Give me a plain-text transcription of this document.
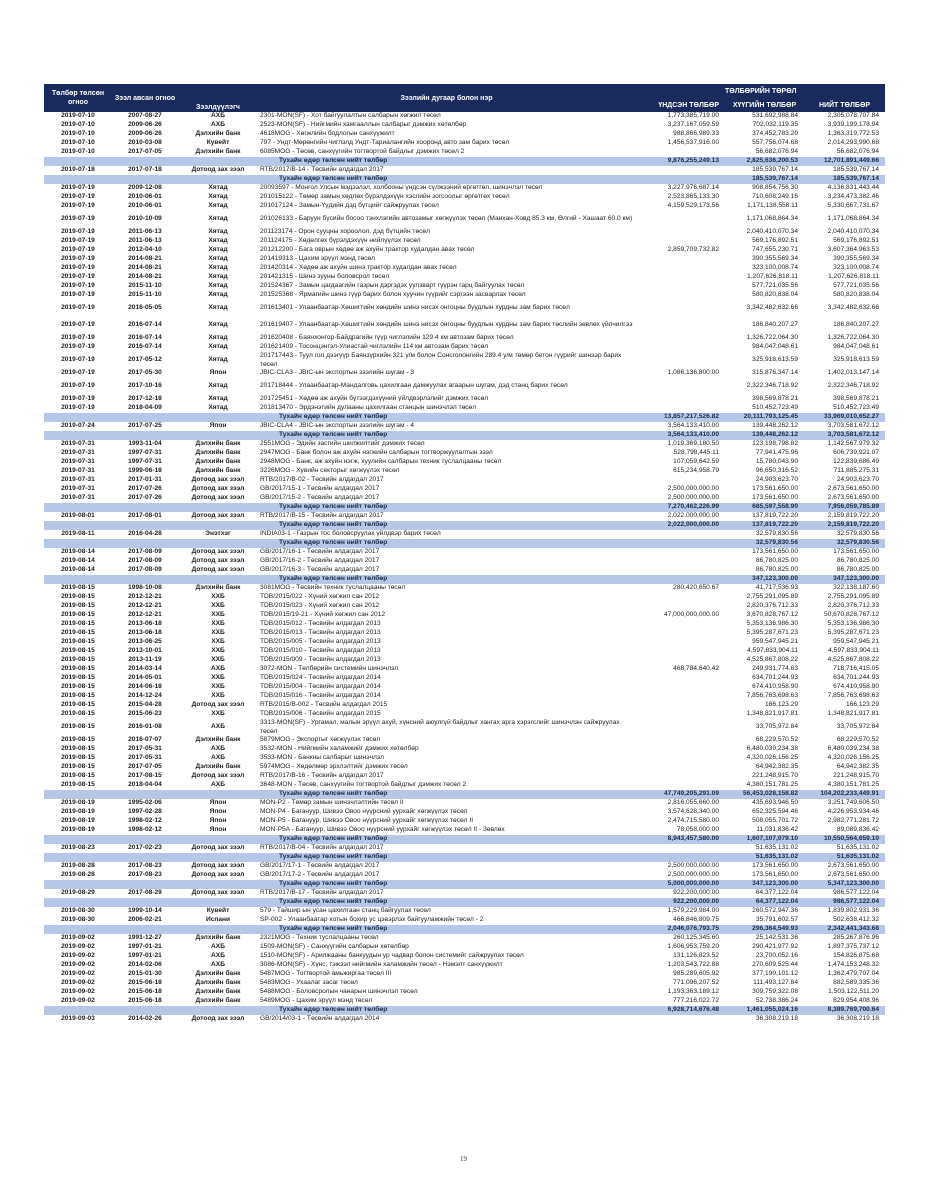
Төлбөр төлсөн огноо	Зээл авсан огноо	Зээлдүүлэгч	Зээлийн дугаар болон нэр		ТӨЛБӨРИЙН ТӨРӨЛ	
				ҮНДСЭН ТӨЛБӨР	ХҮҮГИЙН ТӨЛБӨР	НИЙТ ТӨЛБӨР
2019-07-10	2007-08-27	АХБ	2301-MON(SF) - Хот байгуулалтын салбарын хөгжил төсөл	1,773,385,719.00	531,692,988.84	2,305,078,707.84
2019-07-10	2009-06-26	АХБ	2523-MON(SF) - Нийгмийн хамгааллын салбарыг дэмжих хөтөлбөр	3,237,167,059.59	702,032,119.35	3,939,199,178.94
2019-07-10	2009-06-26	Дэлхийн банк	4618MOG - Хөгжлийн бодлогын санхүүжилт	988,866,989.33	374,452,783.20	1,363,319,772.53
2019-07-10	2010-03-08	Кувейт	797 - Ундт-Мөрөнгийн чиглэлд Ундт-Тариалангийн хооронд авто зам барих төсөл	1,456,537,916.00	557,756,074.68	2,014,293,990.68
2019-07-10	2017-07-05	Дэлхийн банк	6085MOG - Төсөв, санхүүгийн тогтвортой байдлыг дэмжих төсөл 2		56,682,076.94	56,682,076.94
Тухайн өдөр төлсөн нийт төлбөр				9,876,255,249.13	2,825,636,200.53	12,701,891,449.66
2019-07-18	2017-07-18	Дотоод зах зээл	RTB/2017/B-14 - Төсвийн алдагдал 2017		185,539,767.14	185,539,767.14
Тухайн өдөр төлсөн нийт төлбөр					185,539,767.14	185,539,767.14
2019-07-19	2009-12-08	Хятад	20093597 - Монгол Улсын мэдээлэл, холбооны үндсэн сүлжээний өргөтгөл, шинэчлэл төсөл	3,227,976,687.14	908,854,756.30	4,136,831,443.44
2019-07-19	2010-06-01	Хятад	201015122 - Төмөр замын хөдлөх бүрэлдэхүүн хэслийн зогсоолыг өргөтгөх төсөл	2,523,865,133.30	710,608,249.16	3,234,473,382.46
2019-07-19	2010-06-01	Хятад	201017124 - Замын-Үүдийн дэд бүтцийг сайжруулах төсөл	4,159,529,173.56	1,171,138,558.11	5,330,667,731.67
2019-07-19	2010-10-09	Хятад	201026133 - Баруун бүсийн босоо тэнхлэгийн автозамыг хөгжүүлэх төсөл (Манхан-Ховд 85.3 км, Өлгий - Хашаат 60.0 км)		1,171,068,864.34	1,171,068,864.34
2019-07-19	2011-06-13	Хятад	201123174 - Орон сууцны хороолол, дэд бүтцийн төсөл		2,040,410,070.34	2,040,410,070.34
2019-07-19	2011-06-13	Хятад	201124175 - Хөдөлгөх бүрэлдэхүүн нийлүүлэх төсөл		569,176,892.51	569,176,892.51
2019-07-19	2012-04-10	Хятад	201212200 - Бага оврын хөдөө аж ахуйн трактор худалдан авах төсөл	2,859,709,732.82	747,655,230.71	3,607,364,963.53
2019-07-19	2014-08-21	Хятад	201419313 - Цахим эрүүл мэнд төсөл		390,355,569.34	390,355,569.34
2019-07-19	2014-08-21	Хятад	201420314 - Хөдөө аж ахуйн шинэ трактор худалдан авах төсөл		323,100,008.74	323,100,008.74
2019-07-19	2014-08-21	Хятад	201421315 - Шинэ зууны боловсрол төсөл		1,207,626,818.11	1,207,626,818.11
2019-07-19	2015-11-10	Хятад	201524367 - Замын цагдаагийн газрын дэргэдэх уулзварт гүүрэн гарц байгуулах төсөл		577,721,035.56	577,721,035.56
2019-07-19	2015-11-10	Хятад	201525368 - Ярмагийн шинэ гүүр барих болон хуучин гүүрийг сэргээн засварлах төсөл		580,820,838.04	580,820,838.04
2019-07-19	2016-05-05	Хятад	201613401 - Улаанбаатар-Хөшигтийн хөндийн шинэ нисэх онгоцны буудлын хурдны зам барих төсөл		3,342,482,632.66	3,342,482,632.66
2019-07-19	2016-07-14	Хятад	201619407 - Улаанбаатар-Хөшигтийн хөндийн шинэ нисэх онгоцны буудлын хурдны зам барих төслийн зөвлөх үйлчилгээ		186,840,207.27	186,840,207.27
2019-07-19	2016-07-14	Хятад	201620408 - Баянхонгор-Байдрагийн гүүр чиглэлийн 129.4 км автозам барих төсөл		1,326,722,064.30	1,326,722,064.30
2019-07-19	2016-07-14	Хятад	201621409 - Тосонцэнгэл-Улиастай чиглэлийн 114 км автозам барих төсөл		984,047,048.61	984,047,048.61
2019-07-19	2017-05-12	Хятад	201717443 - Туул гол дээгүүр Баянзүрхийн 321 у/м болон Сонсголонгийн 289.4 у/м төмөр бетон гүүрийг шинээр барих төсөл		325,918,613.59	325,918,613.59
2019-07-19	2017-05-30	Япон	JBIC-CLA3 - JBIC-ын экспортын зээлийн шугам - 3	1,086,136,800.00	315,876,347.14	1,402,013,147.14
2019-07-19	2017-10-16	Хятад	201718444 - Улаанбаатар-Мандалговь цахилгаан дамжуулах агаарын шугам, дэд станц барих төсөл		2,322,346,718.92	2,322,346,718.92
2019-07-19	2017-12-18	Хятад	201725451 - Хөдөө аж ахуйн бүтээгдэхүүний үйлдвэрлэлийг дэмжих төсөл		398,569,878.21	398,569,878.21
2019-07-19	2018-04-09	Хятад	201813470 - Эрдэнэтийн дулааны цахилгаан станцын шинэчлэл төсөл		510,452,723.49	510,452,723.49
Тухайн өдөр төлсөн нийт төлбөр				13,857,217,526.82	20,111,793,125.45	33,969,010,652.27
2019-07-24	2017-07-25	Япон	JBIC-CLA4 - JBIC-ын экспортын зээлийн шугам - 4	3,564,133,410.00	139,448,262.12	3,703,581,672.12
Тухайн өдөр төлсөн нийт төлбөр				3,564,133,410.00	139,448,262.12	3,703,581,672.12
2019-07-31	1993-11-04	Дэлхийн банк	2551MOG - Эдийн засгийн шилжилтийг дэмжих төсөл	1,019,369,180.50	123,198,798.82	1,142,567,979.32
2019-07-31	1997-07-31	Дэлхийн банк	2947MOG - Банк болон аж ахуйн нэгжийн салбарын тогтворжуулалтын зээл	528,798,445.11	77,941,475.96	606,739,921.07
2019-07-31	1997-07-31	Дэлхийн банк	2948MOG - Банк, аж ахуйн нэгж, хуулийн салбарын техник туслалцааны төсөл	107,059,642.59	15,780,043.90	122,839,686.49
2019-07-31	1999-06-18	Дэлхийн банк	3226MOG - Хувийн секторыг хөгжүүлэх төсөл	615,234,958.79	96,650,316.52	711,885,275.31
2019-07-31	2017-01-31	Дотоод зах зээл	RTB/2017/B-02 - Төсвийн алдагдал 2017		24,903,623.70	24,903,623.70
2019-07-31	2017-07-26	Дотоод зах зээл	GB/2017/15-1 - Төсвийн алдагдал 2017	2,500,000,000.00	173,561,650.00	2,673,561,650.00
2019-07-31	2017-07-26	Дотоод зах зээл	GB/2017/15-2 - Төсвийн алдагдал 2017	2,500,000,000.00	173,561,650.00	2,673,561,650.00
Тухайн өдөр төлсөн нийт төлбөр				7,270,462,226.99	685,597,558.90	7,956,059,785.89
2019-08-01	2017-08-01	Дотоод зах зээл	RTB/2017/B-15 - Төсвийн алдагдал 2017	2,022,000,000.00	137,819,722.20	2,159,819,722.20
Тухайн өдөр төлсөн нийт төлбөр				2,022,000,000.00	137,819,722.20	2,159,819,722.20
2019-08-11	2016-04-28	Энэтхэг	INDIA03-1 - Газрын тос боловсруулах үйлдвэр барих төсөл		32,579,830.56	32,579,830.56
Тухайн өдөр төлсөн нийт төлбөр					32,579,830.56	32,579,830.56
2019-08-14	2017-08-09	Дотоод зах зээл	GB/2017/16-1 - Төсвийн алдагдал 2017		173,561,650.00	173,561,650.00
2019-08-14	2017-08-09	Дотоод зах зээл	GB/2017/16-2 - Төсвийн алдагдал 2017		86,780,825.00	86,780,825.00
2019-08-14	2017-08-09	Дотоод зах зээл	GB/2017/16-3 - Төсвийн алдагдал 2017		86,780,825.00	86,780,825.00
Тухайн өдөр төлсөн нийт төлбөр					347,123,300.00	347,123,300.00
2019-08-15	1998-10-08	Дэлхийн банк	3081MOG - Төсвийн техник туслалцааны төсөл	280,420,650.67	41,717,536.93	322,138,187.60
2019-08-15	2012-12-21	ХХБ	TDB/2015/022 - Хүний хөгжил сан 2012		2,755,291,095.89	2,755,291,095.89
2019-08-15	2012-12-21	ХХБ	TDB/2015/023 - Хүний хөгжил сан 2012		2,820,376,712.33	2,820,376,712.33
2019-08-15	2012-12-21	ХХБ	TDB/2015/19-21 - Хүний хөгжил сан 2012	47,000,000,000.00	3,670,828,767.12	50,670,828,767.12
2019-08-15	2013-06-18	ХХБ	TDB/2015/012 - Төсвийн алдагдал 2013		5,353,136,986.30	5,353,136,986.30
2019-08-15	2013-06-18	ХХБ	TDB/2015/013 - Төсвийн алдагдал 2013		5,395,287,671.23	5,395,287,671.23
2019-08-15	2013-06-25	ХХБ	TDB/2015/005 - Төсвийн алдагдал 2013		959,547,945.21	959,547,945.21
2019-08-15	2013-10-01	ХХБ	TDB/2015/010 - Төсвийн алдагдал 2013		4,597,833,904.11	4,597,833,904.11
2019-08-15	2013-11-19	ХХБ	TDB/2015/009 - Төсвийн алдагдал 2013		4,525,867,808.22	4,525,867,808.22
2019-08-15	2014-03-14	АХБ	3072-MON - Төлбөрийн системийн шинэчлэл	468,784,640.42	249,931,774.63	718,716,415.05
2019-08-15	2014-05-01	ХХБ	TDB/2015/024 - Төсвийн алдагдал 2014		634,701,244.93	634,701,244.93
2019-08-15	2014-06-18	ХХБ	TDB/2015/004 - Төсвийн алдагдал 2014		674,410,958.90	674,410,958.90
2019-08-15	2014-12-24	ХХБ	TDB/2015/016 - Төсвийн алдагдал 2014		7,856,763,698.63	7,856,763,698.63
2019-08-15	2015-04-28	Дотоод зах зээл	RTB/2015/B-002 - Төсвийн алдагдал 2015		166,123.29	166,123.29
2019-08-15	2015-06-23	ХХБ	TDB/2015/006 - Төсвийн алдагдал 2015		1,348,821,917.81	1,348,821,917.81
2019-08-15	2016-01-08	АХБ	3313-MON(SF) - Ургамал, малын эрүүл ахуй, хүнсний аюулгүй байдлыг хангах арга хэрэгслийг шинэчлэн сайжруулах төсөл		33,705,972.84	33,705,972.84
2019-08-15	2016-07-07	Дэлхийн банк	5879MOG - Экспортыг хөгжүүлэх төсөл		68,229,570.52	68,229,570.52
2019-08-15	2017-05-31	АХБ	3532-MON - Нийгмийн халамжийг дэмжих хөтөлбөр		6,480,039,234.38	6,480,039,234.38
2019-08-15	2017-05-31	АХБ	3533-MON - Банкны салбарыг шинэчлэл		4,320,026,156.25	4,320,026,156.25
2019-08-15	2017-07-05	Дэлхийн банк	5974MOG - Хөдөлмөр эрхлэлтийг дэмжих төсөл		64,942,382.35	64,942,382.35
2019-08-15	2017-08-15	Дотоод зах зээл	RTB/2017/B-16 - Төсвийн алдагдал 2017		221,248,915.70	221,248,915.70
2019-08-15	2018-04-04	АХБ	3648-MON - Төсөв, санхүүгийн тогтвортой байдлыг дэмжих төсөл 2		4,380,151,781.25	4,380,151,781.25
Тухайн өдөр төлсөн нийт төлбөр				47,749,205,291.09	56,453,028,158.82	104,202,233,449.91
2019-08-19	1995-02-06	Япон	MON-P2 - Төмөр замын шинэчлэлтийн төсөл II	2,816,055,660.00	435,693,946.50	3,251,749,606.50
2019-08-19	1997-02-28	Япон	MON-P4 - Багануур, Шивээ Овоо нүүрсний уурхайг хөгжүүлэх төсөл	3,574,628,340.00	652,325,594.46	4,226,953,934.46
2019-08-19	1998-02-12	Япон	MON-P5 - Багануур, Шивээ Овоо нүүрсний уурхайг хөгжүүлэх төсөл II	2,474,715,580.00	508,055,701.72	2,982,771,281.72
2019-08-19	1998-02-12	Япон	MON-P5A - Багануур, Шивээ Овоо нүүрсний уурхайг хөгжүүлэх төсөл II - Зөвлөх	78,058,000.00	11,031,836.42	89,089,836.42
Тухайн өдөр төлсөн нийт төлбөр				8,943,457,580.00	1,607,107,079.10	10,550,564,659.10
2019-08-23	2017-02-23	Дотоод зах зээл	RTB/2017/B-04 - Төсвийн алдагдал 2017		51,635,131.02	51,635,131.02
Тухайн өдөр төлсөн нийт төлбөр					51,635,131.02	51,635,131.02
2019-08-28	2017-08-23	Дотоод зах зээл	GB/2017/17-1 - Төсвийн алдагдал 2017	2,500,000,000.00	173,561,650.00	2,673,561,650.00
2019-08-28	2017-08-23	Дотоод зах зээл	GB/2017/17-2 - Төсвийн алдагдал 2017	2,500,000,000.00	173,561,650.00	2,673,561,650.00
Тухайн өдөр төлсөн нийт төлбөр				5,000,000,000.00	347,123,300.00	5,347,123,300.00
2019-08-29	2017-08-29	Дотоод зах зээл	RTB/2017/B-17 - Төсвийн алдагдал 2017	922,200,000.00	64,377,122.04	986,577,122.04
Тухайн өдөр төлсөн нийт төлбөр				922,200,000.00	64,377,122.04	986,577,122.04
2019-08-30	1999-10-14	Кувейт	579 - Тайшир ын усан цахилгаан станц байгуулах төсөл	1,579,229,984.00	260,572,947.36	1,839,802,931.36
2019-08-30	2006-02-21	Испани	SP-002 - Улаанбаатар хотын бохир ус цэвэрлэх байгууламжийн төсөл - 2	466,846,809.75	35,791,602.57	502,638,412.32
Тухайн өдөр төлсөн нийт төлбөр				2,046,076,793.75	296,364,549.93	2,342,441,343.68
2019-09-02	1991-12-27	Дэлхийн банк	2321MOG - Техник туслалцааны төсөл	260,125,345.60	25,142,531.36	285,267,876.96
2019-09-02	1997-01-21	АХБ	1509-MON(SF) - Санхүүгийн салбарын хөтөлбөр	1,606,953,759.20	290,421,977.92	1,897,375,737.12
2019-09-02	1997-01-21	АХБ	1510-MON(SF) - Арилжааны банкуудын ур чадвар болон системийг сайжруулах төсөл	131,126,823.52	23,700,052.16	154,826,875.68
2019-09-02	2014-02-06	АХБ	3086-MON(SF) - Хүнс, тэжээл нийгмийн халамжийн төсөл - Нэмэлт санхүүжилт	1,203,543,722.88	270,609,525.44	1,474,153,248.32
2019-09-02	2015-01-30	Дэлхийн банк	5487MOG - Тогтвортой амьжиргаа төсөл III	985,289,605.92	377,190,101.12	1,362,479,707.04
2019-09-02	2015-06-18	Дэлхийн банк	5483MOG - Ухаалаг засаг төсөл	771,096,207.52	111,493,127.84	882,589,335.36
2019-09-02	2015-06-18	Дэлхийн банк	5488MOG - Боловсролын чанарын шинэчлэл төсөл	1,193,363,189.12	309,759,322.08	1,503,122,511.20
2019-09-02	2015-06-18	Дэлхийн банк	5489MOG - Цахим эрүүл мэнд төсөл	777,216,022.72	52,738,386.24	829,954,408.96
Тухайн өдөр төлсөн нийт төлбөр				6,928,714,676.48	1,461,055,024.16	8,389,769,700.64
2019-09-03	2014-02-26	Дотоод зах зээл	GB/2014/03-1 - Төсвийн алдагдал 2014		36,308,219.18	36,308,219.18
19
